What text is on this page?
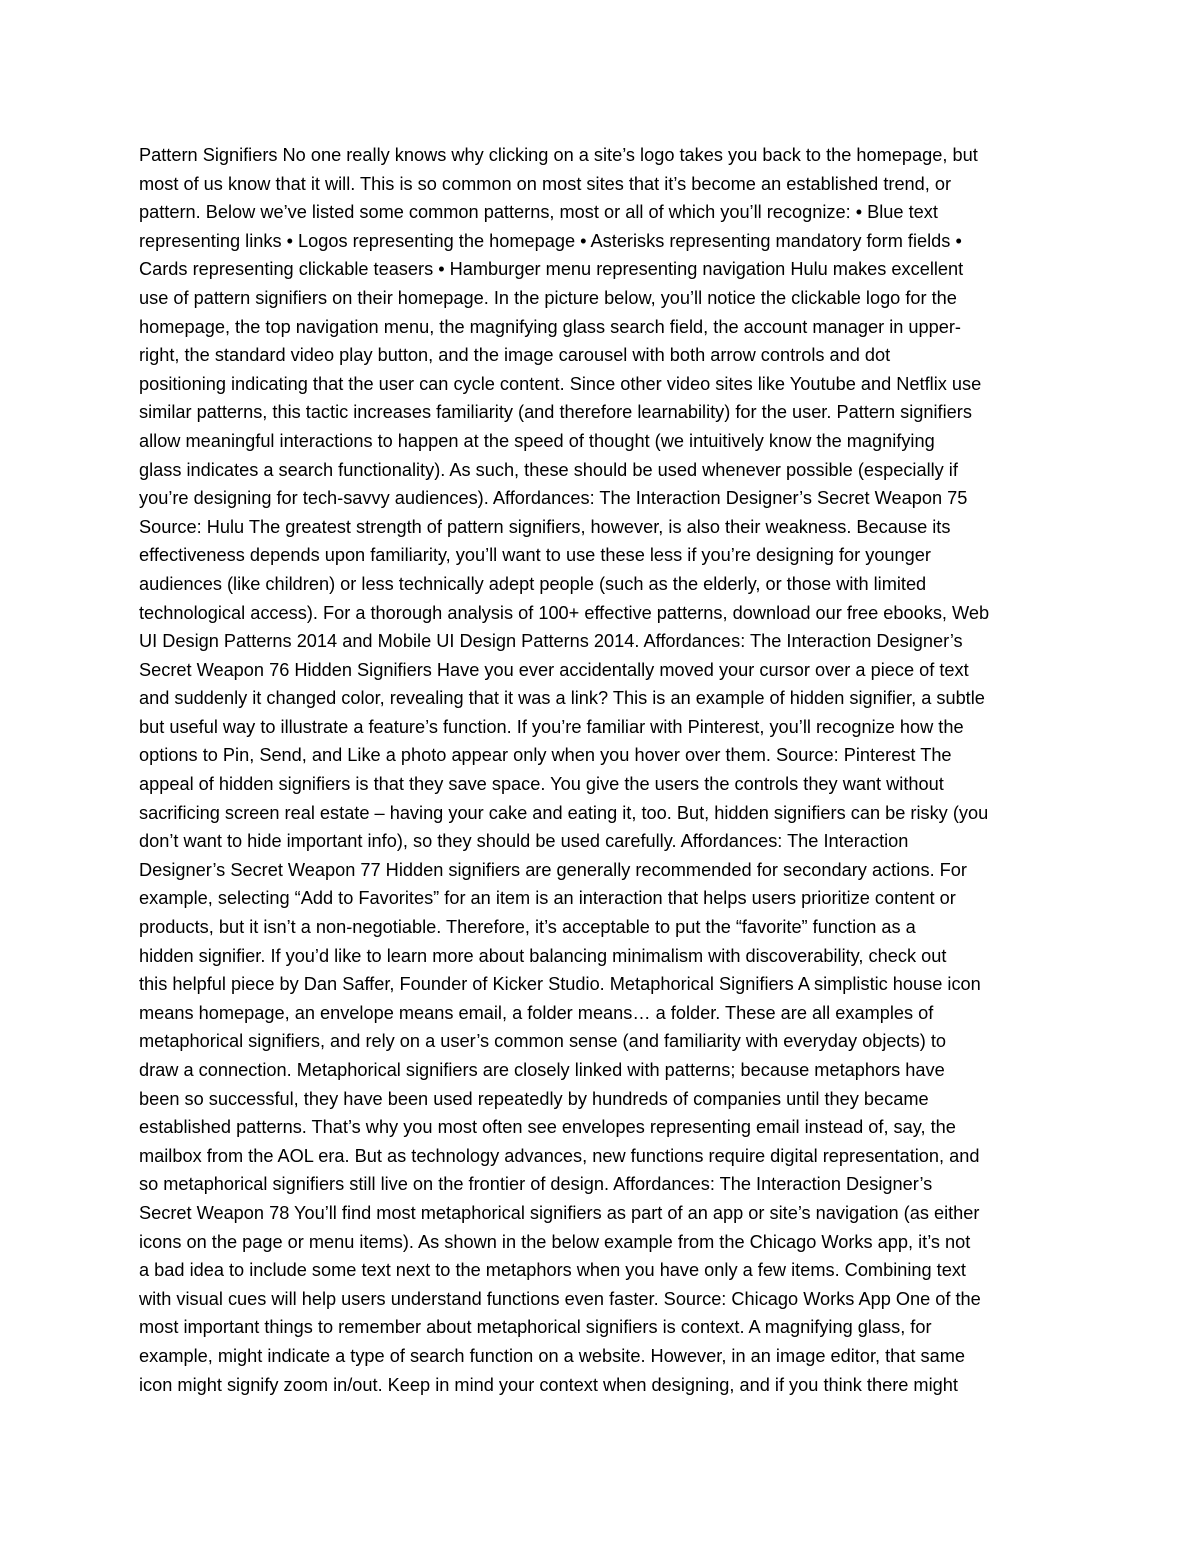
Pattern Signifiers No one really knows why clicking on a site’s logo takes you back to the homepage, but
most of us know that it will. This is so common on most sites that it’s become an established trend, or
pattern. Below we’ve listed some common patterns, most or all of which you’ll recognize: • Blue text
representing links • Logos representing the homepage • Asterisks representing mandatory form fields •
Cards representing clickable teasers • Hamburger menu representing navigation Hulu makes excellent
use of pattern signifiers on their homepage. In the picture below, you’ll notice the clickable logo for the
homepage, the top navigation menu, the magnifying glass search field, the account manager in upper-
right, the standard video play button, and the image carousel with both arrow controls and dot
positioning indicating that the user can cycle content. Since other video sites like Youtube and Netflix use
similar patterns, this tactic increases familiarity (and therefore learnability) for the user. Pattern signifiers
allow meaningful interactions to happen at the speed of thought (we intuitively know the magnifying
glass indicates a search functionality). As such, these should be used whenever possible (especially if
you’re designing for tech-savvy audiences). Affordances: The Interaction Designer’s Secret Weapon 75
Source: Hulu The greatest strength of pattern signifiers, however, is also their weakness. Because its
effectiveness depends upon familiarity, you’ll want to use these less if you’re designing for younger
audiences (like children) or less technically adept people (such as the elderly, or those with limited
technological access). For a thorough analysis of 100+ effective patterns, download our free ebooks, Web
UI Design Patterns 2014 and Mobile UI Design Patterns 2014. Affordances: The Interaction Designer’s
Secret Weapon 76 Hidden Signifiers Have you ever accidentally moved your cursor over a piece of text
and suddenly it changed color, revealing that it was a link? This is an example of hidden signifier, a subtle
but useful way to illustrate a feature’s function. If you’re familiar with Pinterest, you’ll recognize how the
options to Pin, Send, and Like a photo appear only when you hover over them. Source: Pinterest The
appeal of hidden signifiers is that they save space. You give the users the controls they want without
sacrificing screen real estate – having your cake and eating it, too. But, hidden signifiers can be risky (you
don’t want to hide important info), so they should be used carefully. Affordances: The Interaction
Designer’s Secret Weapon 77 Hidden signifiers are generally recommended for secondary actions. For
example, selecting “Add to Favorites” for an item is an interaction that helps users prioritize content or
products, but it isn’t a non-negotiable. Therefore, it’s acceptable to put the “favorite” function as a
hidden signifier. If you’d like to learn more about balancing minimalism with discoverability, check out
this helpful piece by Dan Saffer, Founder of Kicker Studio. Metaphorical Signifiers A simplistic house icon
means homepage, an envelope means email, a folder means… a folder. These are all examples of
metaphorical signifiers, and rely on a user’s common sense (and familiarity with everyday objects) to
draw a connection. Metaphorical signifiers are closely linked with patterns; because metaphors have
been so successful, they have been used repeatedly by hundreds of companies until they became
established patterns. That’s why you most often see envelopes representing email instead of, say, the
mailbox from the AOL era. But as technology advances, new functions require digital representation, and
so metaphorical signifiers still live on the frontier of design. Affordances: The Interaction Designer’s
Secret Weapon 78 You’ll find most metaphorical signifiers as part of an app or site’s navigation (as either
icons on the page or menu items). As shown in the below example from the Chicago Works app, it’s not
a bad idea to include some text next to the metaphors when you have only a few items. Combining text
with visual cues will help users understand functions even faster. Source: Chicago Works App One of the
most important things to remember about metaphorical signifiers is context. A magnifying glass, for
example, might indicate a type of search function on a website. However, in an image editor, that same
icon might signify zoom in/out. Keep in mind your context when designing, and if you think there might
